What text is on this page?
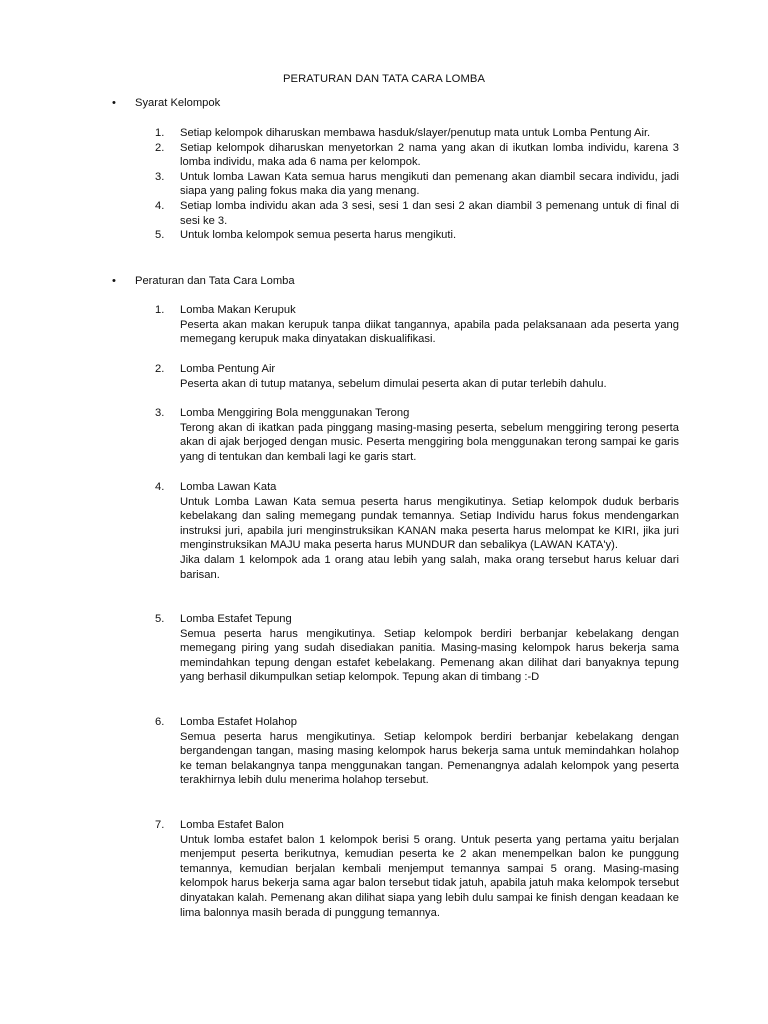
PERATURAN DAN TATA CARA LOMBA
•	Syarat Kelompok
1. Setiap kelompok diharuskan membawa hasduk/slayer/penutup mata untuk Lomba Pentung Air.
2. Setiap kelompok diharuskan menyetorkan 2 nama yang akan di ikutkan lomba individu, karena 3 lomba individu, maka ada 6 nama per kelompok.
3. Untuk lomba Lawan Kata semua harus mengikuti dan pemenang akan diambil secara individu, jadi siapa yang paling fokus maka dia yang menang.
4. Setiap lomba individu akan ada 3 sesi, sesi 1 dan sesi 2 akan diambil 3 pemenang untuk di final di sesi ke 3.
5. Untuk lomba kelompok semua peserta harus mengikuti.
•	Peraturan dan Tata Cara Lomba
1. Lomba Makan Kerupuk

Peserta akan makan kerupuk tanpa diikat tangannya, apabila pada pelaksanaan ada peserta yang memegang kerupuk maka dinyatakan diskualifikasi.

2. Lomba Pentung Air

Peserta akan di tutup matanya, sebelum dimulai peserta akan di putar terlebih dahulu.

3. Lomba Menggiring Bola menggunakan Terong

Terong akan di ikatkan pada pinggang masing-masing peserta, sebelum menggiring terong peserta akan di ajak berjoged dengan music. Peserta menggiring bola menggunakan terong sampai ke garis yang di tentukan dan kembali lagi ke garis start.

4. Lomba Lawan Kata

Untuk Lomba Lawan Kata semua peserta harus mengikutinya. Setiap kelompok duduk berbaris kebelakang dan saling memegang pundak temannya. Setiap Individu harus fokus mendengarkan instruksi juri, apabila juri menginstruksikan KANAN maka peserta harus melompat ke KIRI, jika juri menginstruksikan MAJU maka peserta harus MUNDUR dan sebalikya (LAWAN KATA'y).

Jika dalam 1 kelompok ada 1 orang atau lebih yang salah, maka orang tersebut harus keluar dari barisan.

5. Lomba Estafet Tepung

Semua peserta harus mengikutinya. Setiap kelompok berdiri berbanjar kebelakang dengan memegang piring yang sudah disediakan panitia. Masing-masing kelompok harus bekerja sama memindahkan tepung dengan estafet kebelakang. Pemenang akan dilihat dari banyaknya tepung yang berhasil dikumpulkan setiap kelompok. Tepung akan di timbang :-D

6. Lomba Estafet Holahop

Semua peserta harus mengikutinya. Setiap kelompok berdiri berbanjar kebelakang dengan bergandengan tangan, masing masing kelompok harus bekerja sama untuk memindahkan holahop ke teman belakangnya tanpa menggunakan tangan. Pemenangnya adalah kelompok yang peserta terakhirnya lebih dulu menerima holahop tersebut.

7. Lomba Estafet Balon

Untuk lomba estafet balon 1 kelompok berisi 5 orang. Untuk peserta yang pertama yaitu berjalan menjemput peserta berikutnya, kemudian peserta ke 2 akan menempelkan balon ke punggung temannya, kemudian berjalan kembali menjemput temannya sampai 5 orang. Masing-masing kelompok harus bekerja sama agar balon tersebut tidak jatuh, apabila jatuh maka kelompok tersebut dinyatakan kalah. Pemenang akan dilihat siapa yang lebih dulu sampai ke finish dengan keadaan ke lima balonnya masih berada di punggung temannya.
